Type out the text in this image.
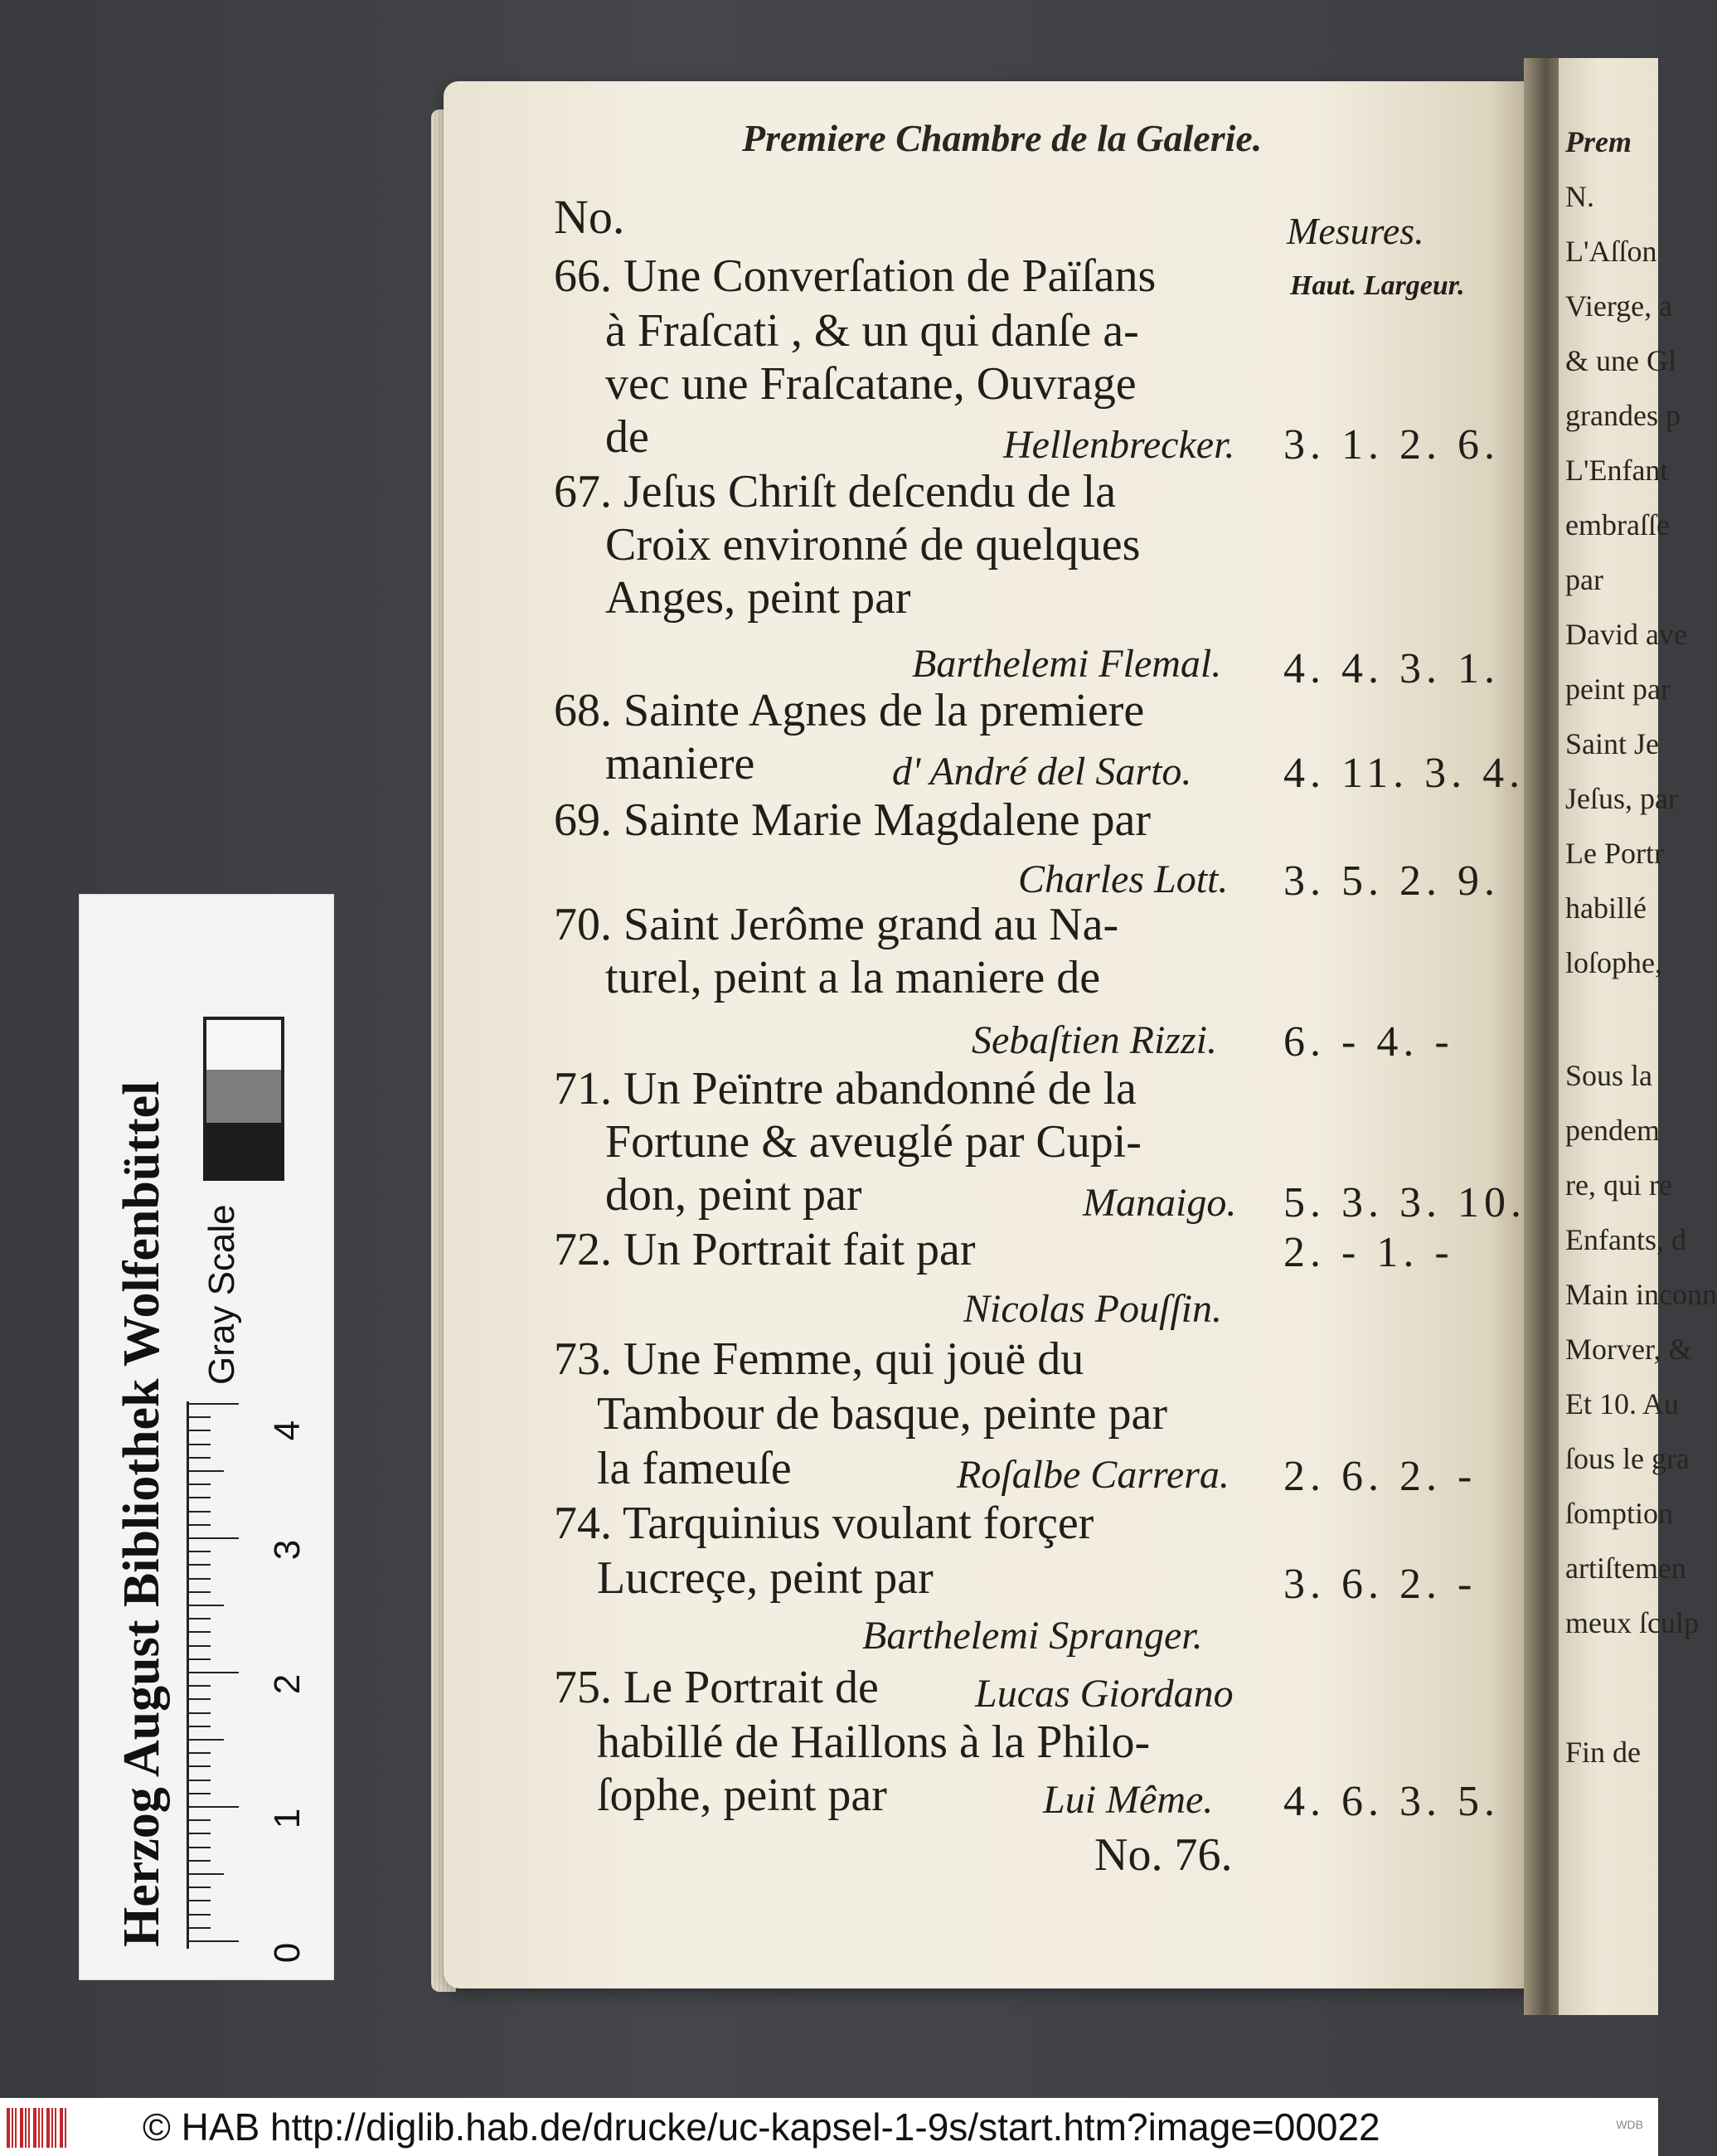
Herzog August Bibliothek Wolfenbüttel Gray Scale
0
1
2
3
4
Prem
N.
L'Aſſon
Vierge, a
& une Gl
grandes p
L'Enfant
embraſſe
par
David ave
peint par
Saint Je
Jeſus, par
Le Portr
habillé
loſophe,
Sous la
pendem
re, qui re
Enfants, d
Main inconn
Morver, &
Et 10. Au
ſous le gra
ſomption
artiſtemen
meux ſculp
Fin de
Premiere Chambre de la Galerie.
No.	Mesures.
Haut. Largeur.
66. Une Converſation de Païſans
à Fraſcati , & un qui danſe a-
vec une Fraſcatane, Ouvrage
de	Hellenbrecker. 3. 1. 2. 6.
67. Jeſus Chriſt deſcendu de la
Croix environné de quelques
Anges, peint par
Barthelemi Flemal. 4. 4. 3. 1.
68. Sainte Agnes de la premiere
maniere	d' André del Sarto. 4. 11. 3. 4.
69. Sainte Marie Magdalene par
Charles Lott. 3. 5. 2. 9.
70. Saint Jerôme grand au Na-
turel, peint a la maniere de
Sebaſtien Rizzi. 6. - 4. -
71. Un Peïntre abandonné de la
Fortune & aveuglé par Cupi-
don, peint par	Manaigo. 5. 3. 3. 10.
72. Un Portrait fait par	2. - 1. -
Nicolas Pouſſin.
73. Une Femme, qui jouë du
Tambour de basque, peinte par
la fameuſe	Roſalbe Carrera. 2. 6. 2. -
74. Tarquinius voulant forçer
Lucreçe, peint par	3. 6. 2. -
Barthelemi Spranger.
75. Le Portrait de Lucas Giordano
habillé de Haillons à la Philo-
ſophe, peint par	Lui Même. 4. 6. 3. 5.
No. 76.
© HAB http://diglib.hab.de/drucke/uc-kapsel-1-9s/start.htm?image=00022	WDB
